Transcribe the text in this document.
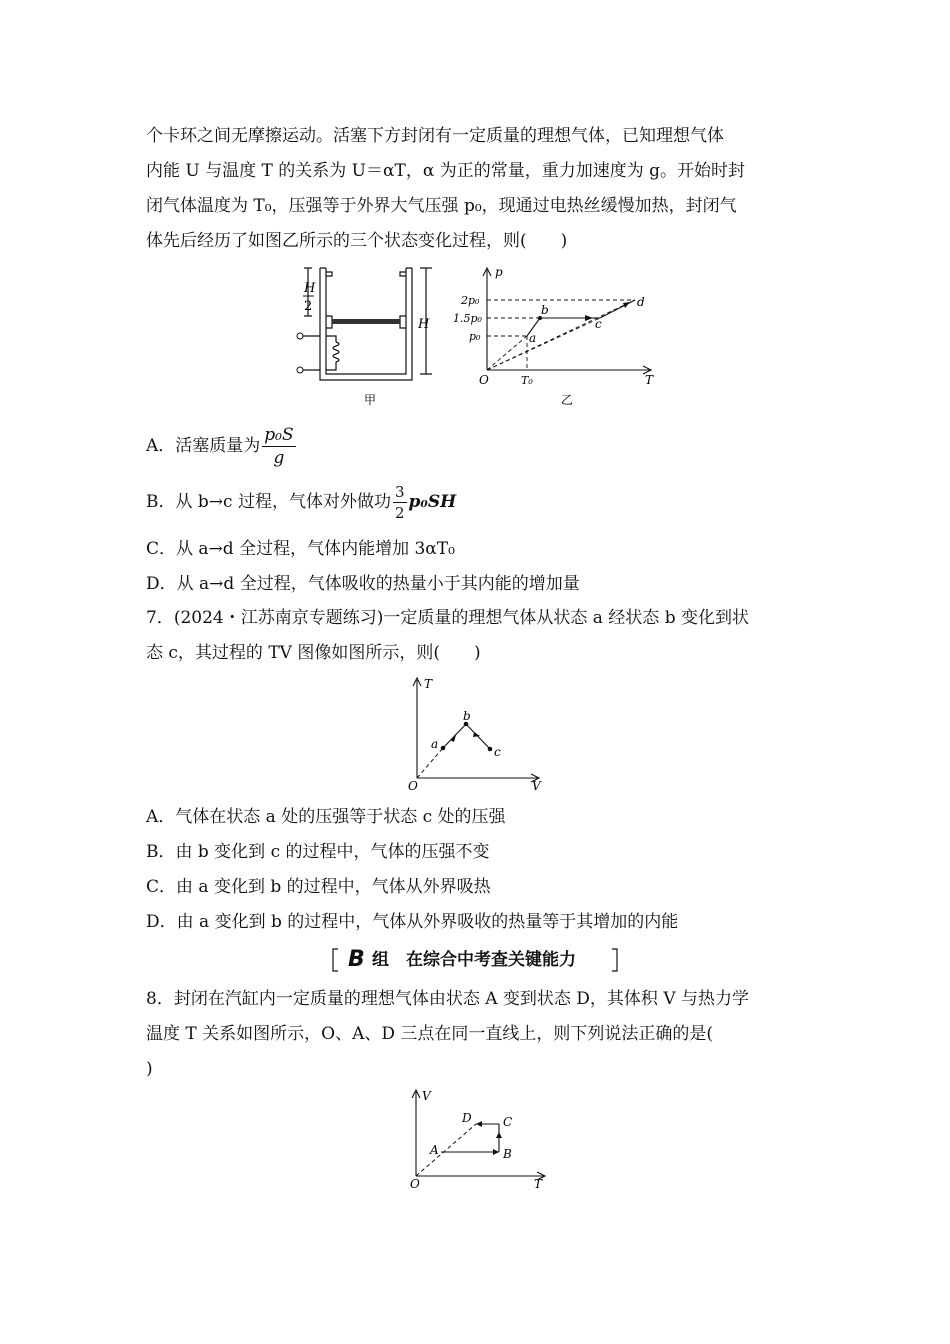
个卡环之间无摩擦运动。活塞下方封闭有一定质量的理想气体，已知理想气体
内能 U 与温度 T 的关系为 U＝αT，α 为正的常量，重力加速度为 g。开始时封
闭气体温度为 T₀，压强等于外界大气压强 p₀，现通过电热丝缓慢加热，封闭气
体先后经历了如图乙所示的三个状态变化过程，则(　　)
H
2
H
甲
p
T
O
2p₀
1.5p₀
p₀
T₀
a
b
c
d
乙
A．活塞质量为 $\frac{\text{p₀S}}{g}$
B．从 b→c 过程，气体对外做功 $\frac{3}{2} p_0SH$
C．从 a→d 全过程，气体内能增加 3αT₀
D．从 a→d 全过程，气体吸收的热量小于其内能的增加量
7．(2024・江苏南京专题练习)一定质量的理想气体从状态 a 经状态 b 变化到状
态 c，其过程的 TV 图像如图所示，则(　　)
T
V
O
a
b
c
A．气体在状态 a 处的压强等于状态 c 处的压强
B．由 b 变化到 c 的过程中，气体的压强不变
C．由 a 变化到 b 的过程中，气体从外界吸热
D．由 a 变化到 b 的过程中，气体从外界吸收的热量等于其增加的内能
B 组　在综合中考查关键能力
8．封闭在汽缸内一定质量的理想气体由状态 A 变到状态 D，其体积 V 与热力学
温度 T 关系如图所示，O、A、D 三点在同一直线上，则下列说法正确的是(
)
V
T
O
A	B
C
D
